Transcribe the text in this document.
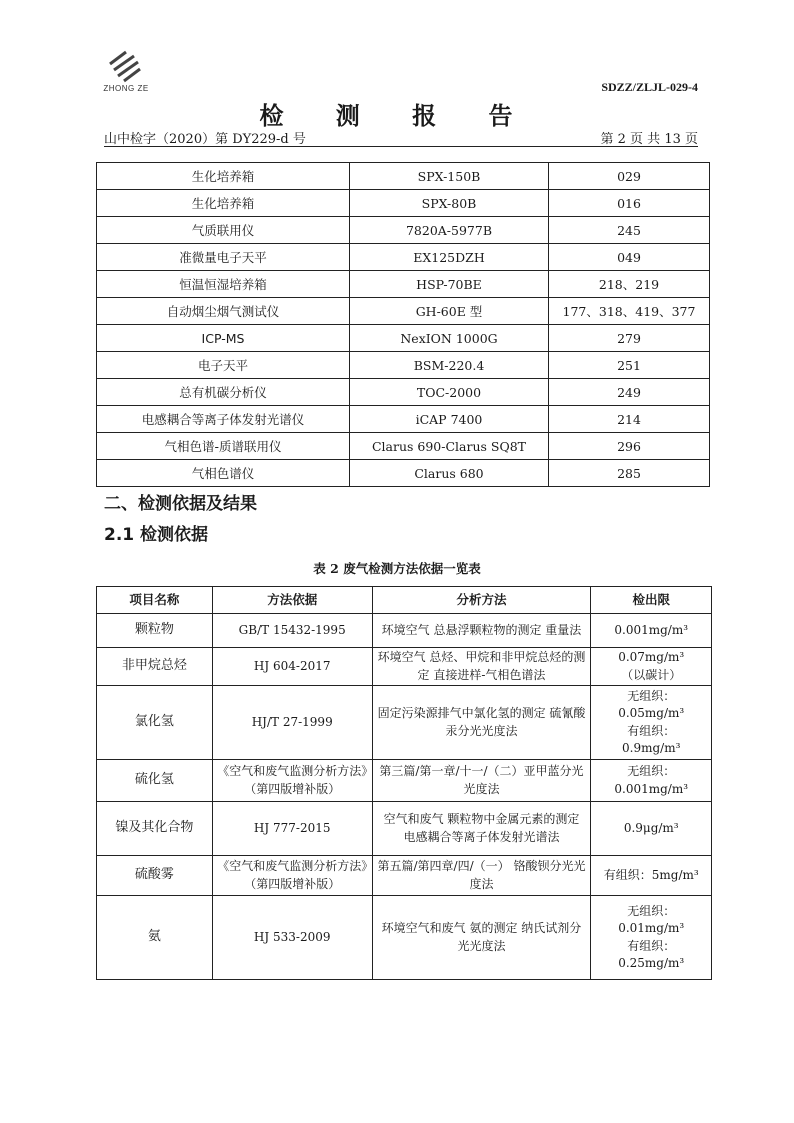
ZHONG ZE	SDZZ/ZLJL-029-4
检 测 报 告
山中检字（2020）第 DY229-d 号	第 2 页 共 13 页
生化培养箱	SPX-150B	029
生化培养箱	SPX-80B	016
气质联用仪	7820A-5977B	245
准微量电子天平	EX125DZH	049
恒温恒湿培养箱	HSP-70BE	218、219
自动烟尘烟气测试仪	GH-60E 型	177、318、419、377
ICP-MS	NexION 1000G	279
电子天平	BSM-220.4	251
总有机碳分析仪	TOC-2000	249
电感耦合等离子体发射光谱仪	iCAP 7400	214
气相色谱-质谱联用仪	Clarus 690-Clarus SQ8T	296
气相色谱仪	Clarus 680	285
二、检测依据及结果
2.1 检测依据
表 2 废气检测方法依据一览表
项目名称	方法依据	分析方法	检出限
颗粒物	GB/T 15432-1995	环境空气 总悬浮颗粒物的测定 重量法	0.001mg/m³

非甲烷总烃	HJ 604-2017	环境空气 总烃、甲烷和非甲烷总烃的测定 直接进样-气相色谱法	0.07mg/m³
（以碳计）

氯化氢	HJ/T 27-1999	固定污染源排气中氯化氢的测定 硫氰酸汞分光光度法	无组织：
0.05mg/m³
有组织：
0.9mg/m³

硫化氢	《空气和废气监测分析方法》（第四版增补版）	第三篇/第一章/十一/（二）亚甲蓝分光光度法	无组织：
0.001mg/m³

镍及其化合物	HJ 777-2015	空气和废气 颗粒物中金属元素的测定 电感耦合等离子体发射光谱法	0.9μg/m³

硫酸雾	《空气和废气监测分析方法》（第四版增补版）	第五篇/第四章/四/（一） 铬酸钡分光光度法	有组织：5mg/m³

氨	HJ 533-2009	环境空气和废气 氨的测定 纳氏试剂分光光度法	无组织：
0.01mg/m³
有组织：
0.25mg/m³
